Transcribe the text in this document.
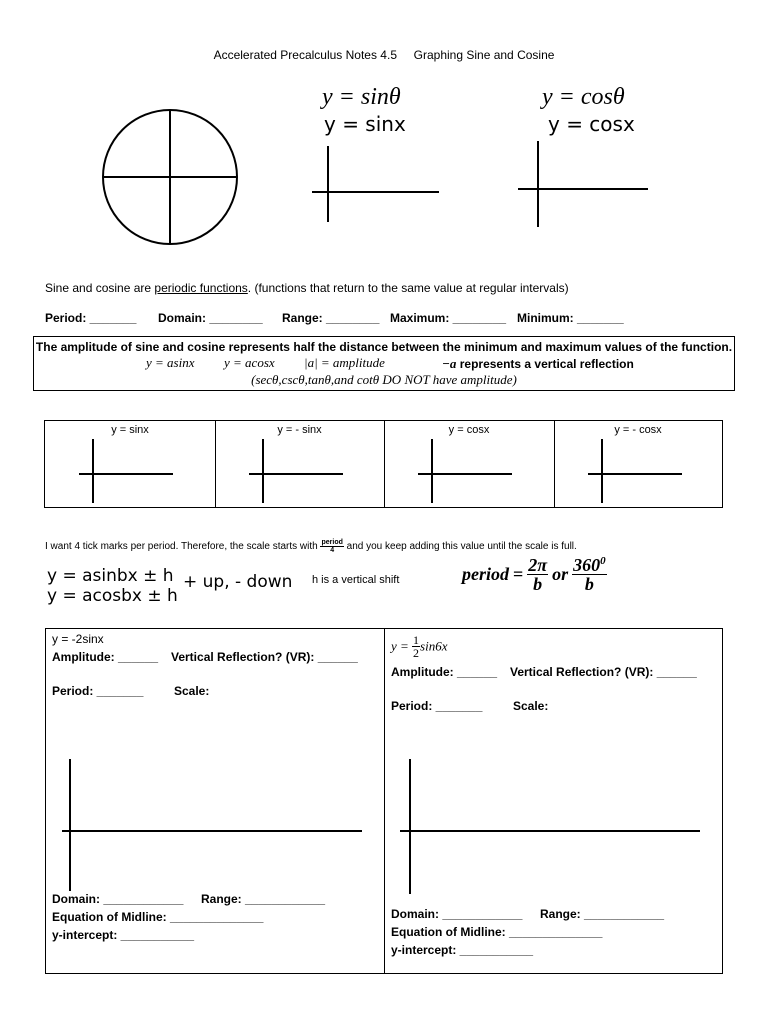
Accelerated Precalculus Notes 4.5     Graphing Sine and Cosine
y = sinθ
y = sinx
y = cosθ
y = cosx
Sine and cosine are periodic functions. (functions that return to the same value at regular intervals)
Period: _______ Domain: ________ Range: ________ Maximum: ________ Minimum: _______
The amplitude of sine and cosine represents half the distance between the minimum and maximum values of the function.
y = asinx y = acosx |a| = amplitude	−a represents a vertical reflection
(secθ,cscθ,tanθ,and cotθ DO NOT have amplitude)
y = sinx	y = - sinx	y = cosx	y = - cosx
I want 4 tick marks per period. Therefore, the scale starts with $\frac{\text{period}}{4}$ and you keep adding this value until the scale is full.
y = asinbx ± h
y = acosbx ± h
+ up, - down h is a vertical shift	period = $\frac{2\pi}{b}$ or $\frac{360^0}{b}$
y = -2sinx
Amplitude: ______ Vertical Reflection? (VR): ______
Period: _______	Scale:
Domain: ____________ Range: ____________
Equation of Midline: ______________
y-intercept: ___________
$y = \frac{1}{2} \sin 6x$
Amplitude: ______ Vertical Reflection? (VR): ______
Period: _______	Scale:
Domain: ____________ Range: ____________
Equation of Midline: ______________
y-intercept: ___________
